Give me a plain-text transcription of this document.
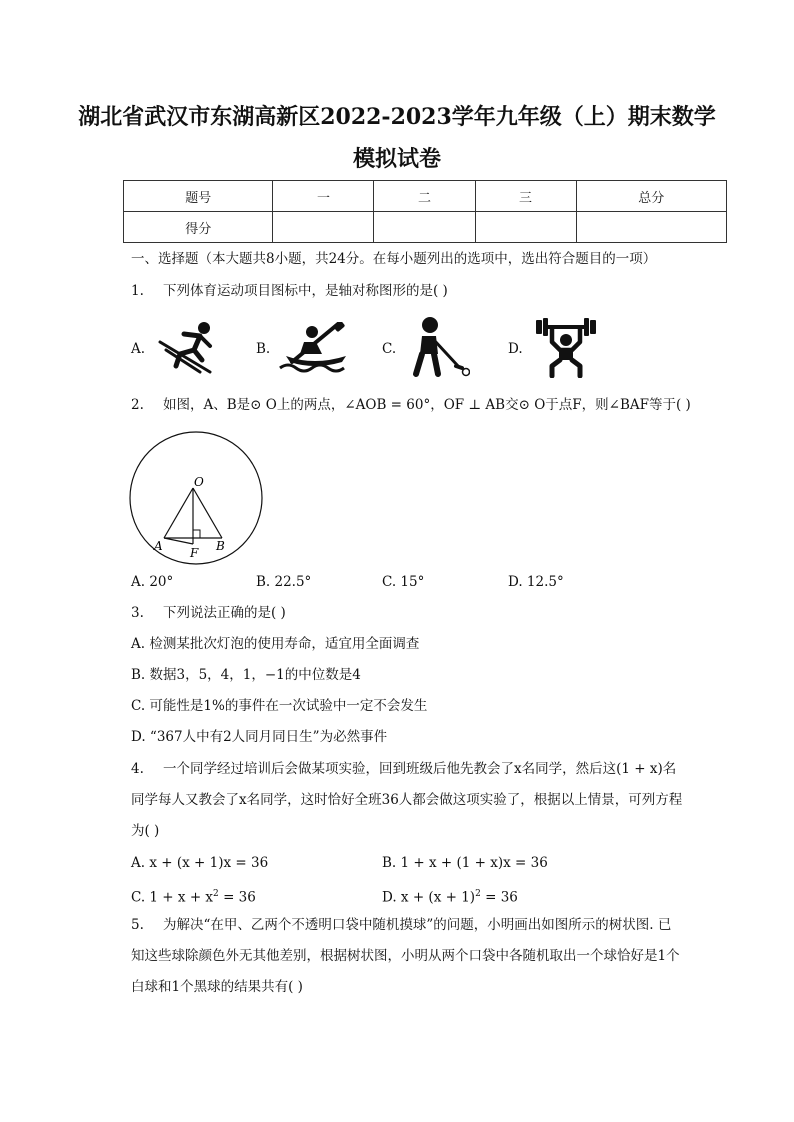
湖北省武汉市东湖高新区2022-2023学年九年级（上）期末数学
模拟试卷
题号	一	二	三	总分
得分				
一、选择题（本大题共8小题，共24分。在每小题列出的选项中，选出符合题目的一项）
1. 下列体育运动项目图标中，是轴对称图形的是( )
A.	B.	C.	D.
2. 如图，A、B是⊙ O上的两点，∠AOB = 60°，OF ⊥ AB交⊙ O于点F，则∠BAF等于( )
O
A F B
A. 20°	B. 22.5°	C. 15°	D. 12.5°
3. 下列说法正确的是( )
A. 检测某批次灯泡的使用寿命，适宜用全面调查
B. 数据3，5，4，1，−1的中位数是4
C. 可能性是1%的事件在一次试验中一定不会发生
D. “367人中有2人同月同日生”为必然事件
4. 一个同学经过培训后会做某项实验，回到班级后他先教会了x名同学，然后这(1 + x)名
同学每人又教会了x名同学，这时恰好全班36人都会做这项实验了，根据以上情景，可列方程
为( )
A. x + (x + 1)x = 36	B. 1 + x + (1 + x)x = 36
C. $1 + x + x^2 = 36$	D. $x + (x + 1)^2 = 36$
5. 为解决“在甲、乙两个不透明口袋中随机摸球”的问题，小明画出如图所示的树状图. 已
知这些球除颜色外无其他差别，根据树状图，小明从两个口袋中各随机取出一个球恰好是1个
白球和1个黑球的结果共有( )
